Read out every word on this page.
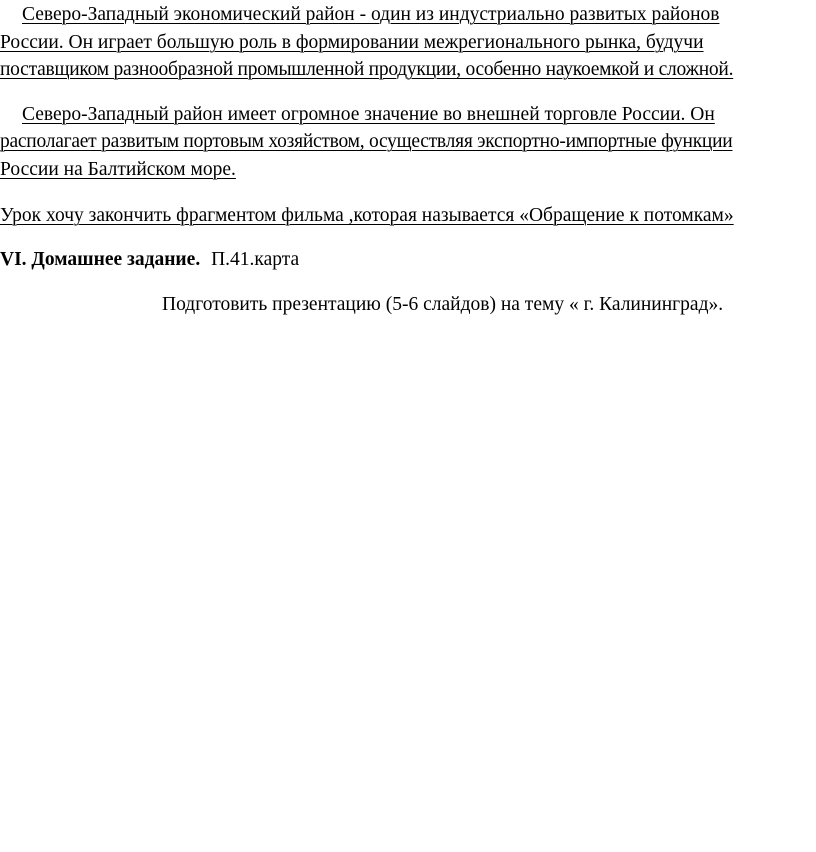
Северо-Западный экономический район - один из индустриально развитых районов
России. Он играет большую роль в формировании межрегионального рынка, будучи
поставщиком разнообразной промышленной продукции, особенно наукоемкой и сложной.
Северо-Западный район имеет огромное значение во внешней торговле России. Он
располагает развитым портовым хозяйством, осуществляя экспортно-импортные функции
России на Балтийском море.
Урок хочу закончить фрагментом фильма ,которая называется «Обращение к потомкам»
VI. Домашнее задание. П.41.карта
Подготовить презентацию (5-6 слайдов) на тему « г. Калининград».
